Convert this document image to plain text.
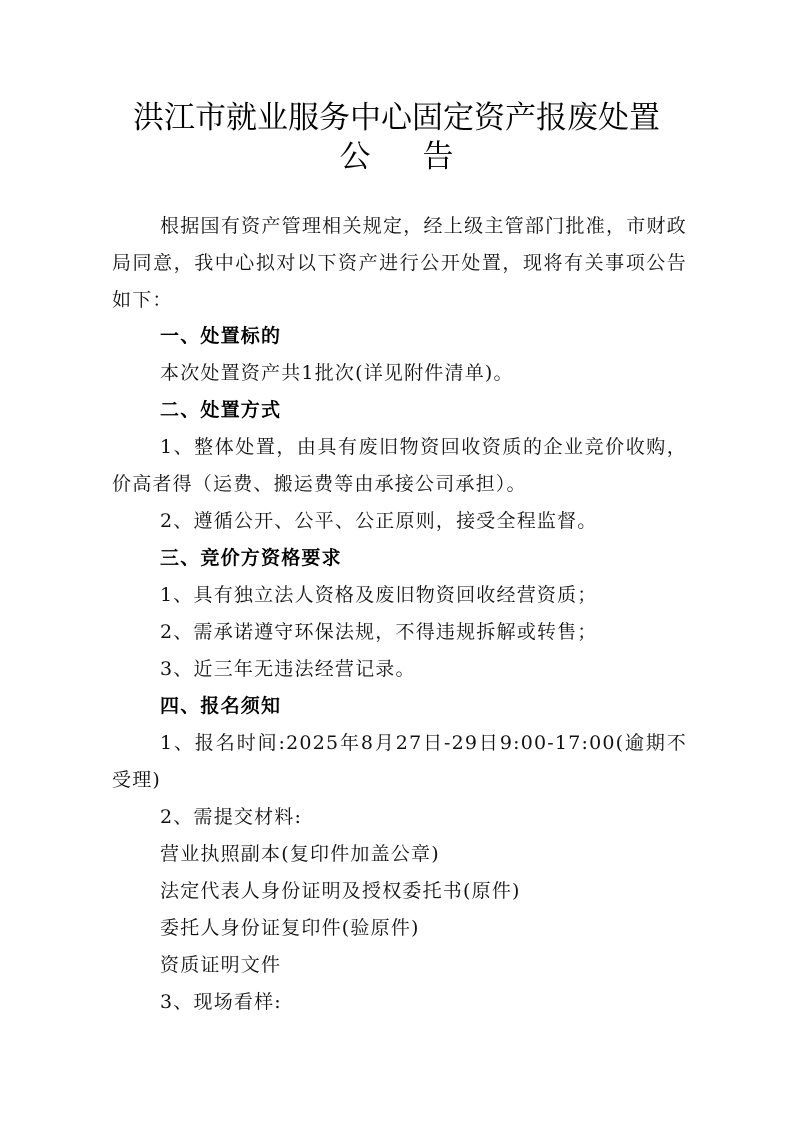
洪江市就业服务中心固定资产报废处置
公告

根据国有资产管理相关规定，经上级主管部门批准，市财政局同意，我中心拟对以下资产进行公开处置，现将有关事项公告如下：

一、处置标的

本次处置资产共1批次(详见附件清单)。

二、处置方式

1、整体处置，由具有废旧物资回收资质的企业竞价收购，价高者得（运费、搬运费等由承接公司承担）。

2、遵循公开、公平、公正原则，接受全程监督。

三、竞价方资格要求

1、具有独立法人资格及废旧物资回收经营资质；

2、需承诺遵守环保法规，不得违规拆解或转售；

3、近三年无违法经营记录。

四、报名须知

1、报名时间:2025年8月27日-29日9:00-17:00(逾期不受理)

2、需提交材料:

营业执照副本(复印件加盖公章)

法定代表人身份证明及授权委托书(原件)

委托人身份证复印件(验原件)

资质证明文件

3、现场看样:
